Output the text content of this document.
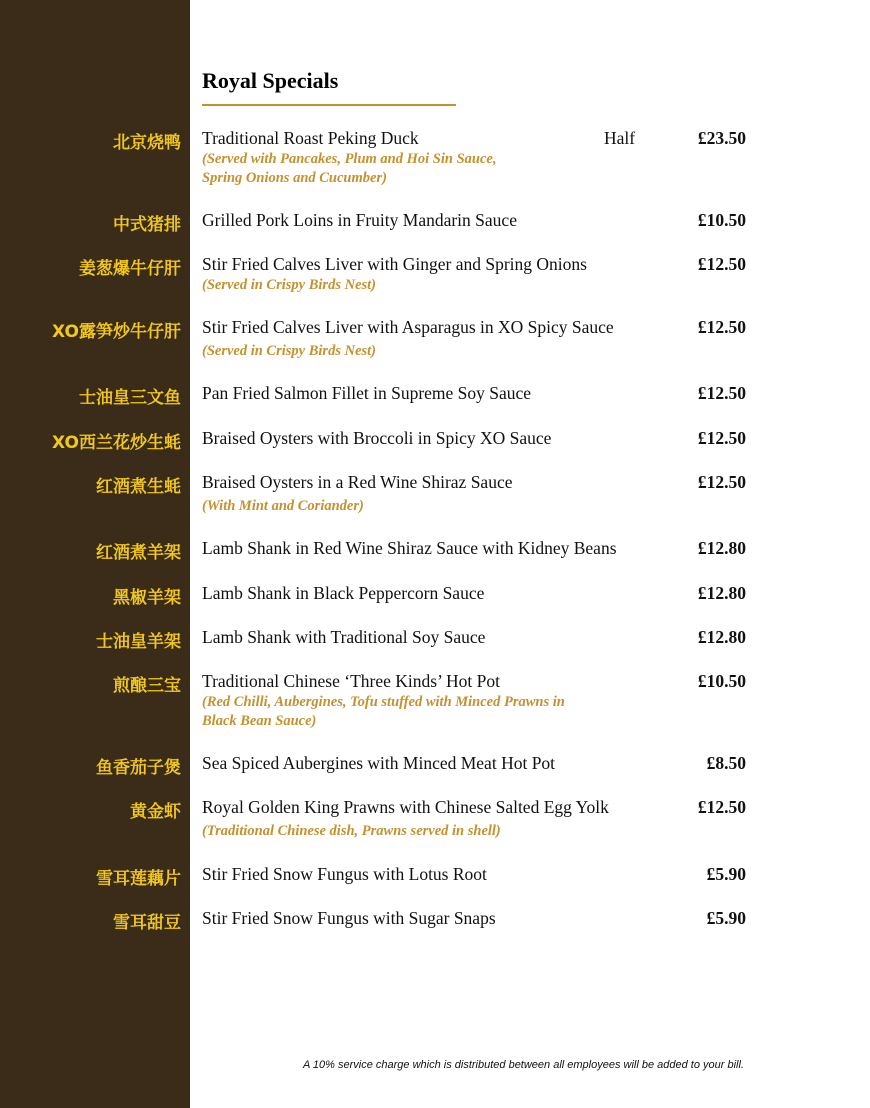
Royal Specials
北京烧鸭 Traditional Roast Peking Duck	Half	£23.50
(Served with Pancakes, Plum and Hoi Sin Sauce,
Spring Onions and Cucumber)
中式猪排 Grilled Pork Loins in Fruity Mandarin Sauce	£10.50
姜葱爆牛仔肝 Stir Fried Calves Liver with Ginger and Spring Onions	£12.50
(Served in Crispy Birds Nest)
XO露笋炒牛仔肝 Stir Fried Calves Liver with Asparagus in XO Spicy Sauce	£12.50
(Served in Crispy Birds Nest)
士油皇三文鱼 Pan Fried Salmon Fillet in Supreme Soy Sauce	£12.50
XO西兰花炒生蚝 Braised Oysters with Broccoli in Spicy XO Sauce	£12.50
红酒煮生蚝 Braised Oysters in a Red Wine Shiraz Sauce	£12.50
(With Mint and Coriander)
红酒煮羊架 Lamb Shank in Red Wine Shiraz Sauce with Kidney Beans	£12.80
黑椒羊架 Lamb Shank in Black Peppercorn Sauce	£12.80
士油皇羊架 Lamb Shank with Traditional Soy Sauce	£12.80
煎酿三宝 Traditional Chinese ‘Three Kinds’ Hot Pot	£10.50
(Red Chilli, Aubergines, Tofu stuffed with Minced Prawns in
Black Bean Sauce)
鱼香茄子煲 Sea Spiced Aubergines with Minced Meat Hot Pot	£8.50
黄金虾 Royal Golden King Prawns with Chinese Salted Egg Yolk	£12.50
(Traditional Chinese dish, Prawns served in shell)
雪耳莲藕片 Stir Fried Snow Fungus with Lotus Root	£5.90
雪耳甜豆 Stir Fried Snow Fungus with Sugar Snaps	£5.90
A 10% service charge which is distributed between all employees will be added to your bill.
